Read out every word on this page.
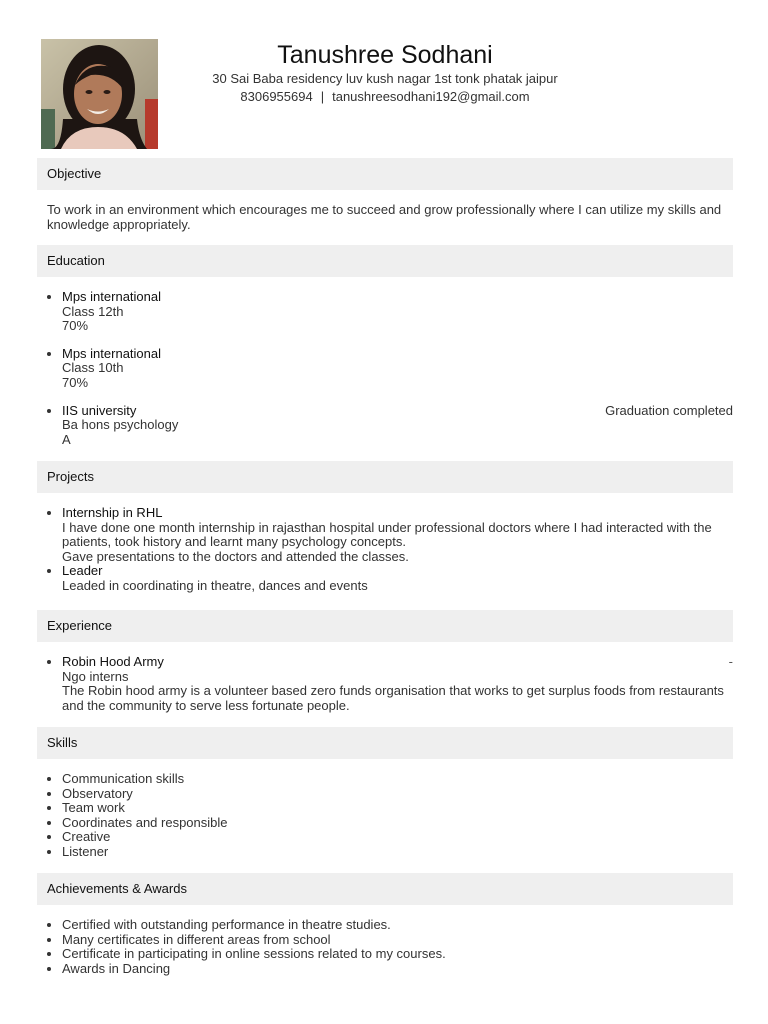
Tanushree Sodhani
30 Sai Baba residency luv kush nagar 1st tonk phatak jaipur
8306955694 | tanushreesodhani192@gmail.com
Objective
To work in an environment which encourages me to succeed and grow professionally where I can utilize my skills and knowledge appropriately.
Education
• Mps international
Class 12th
70%
• Mps international
Class 10th
70%
• IIS university	Graduation completed
Ba hons psychology
A
Projects
• Internship in RHL
I have done one month internship in rajasthan hospital under professional doctors where I had interacted with the patients, took history and learnt many psychology concepts.
Gave presentations to the doctors and attended the classes.
• Leader
Leaded in coordinating in theatre, dances and events
Experience
• Robin Hood Army	-
Ngo interns
The Robin hood army is a volunteer based zero funds organisation that works to get surplus foods from restaurants and the community to serve less fortunate people.
Skills
• Communication skills
• Observatory
• Team work
• Coordinates and responsible
• Creative
• Listener
Achievements & Awards
• Certified with outstanding performance in theatre studies.
• Many certificates in different areas from school
• Certificate in participating in online sessions related to my courses.
• Awards in Dancing
